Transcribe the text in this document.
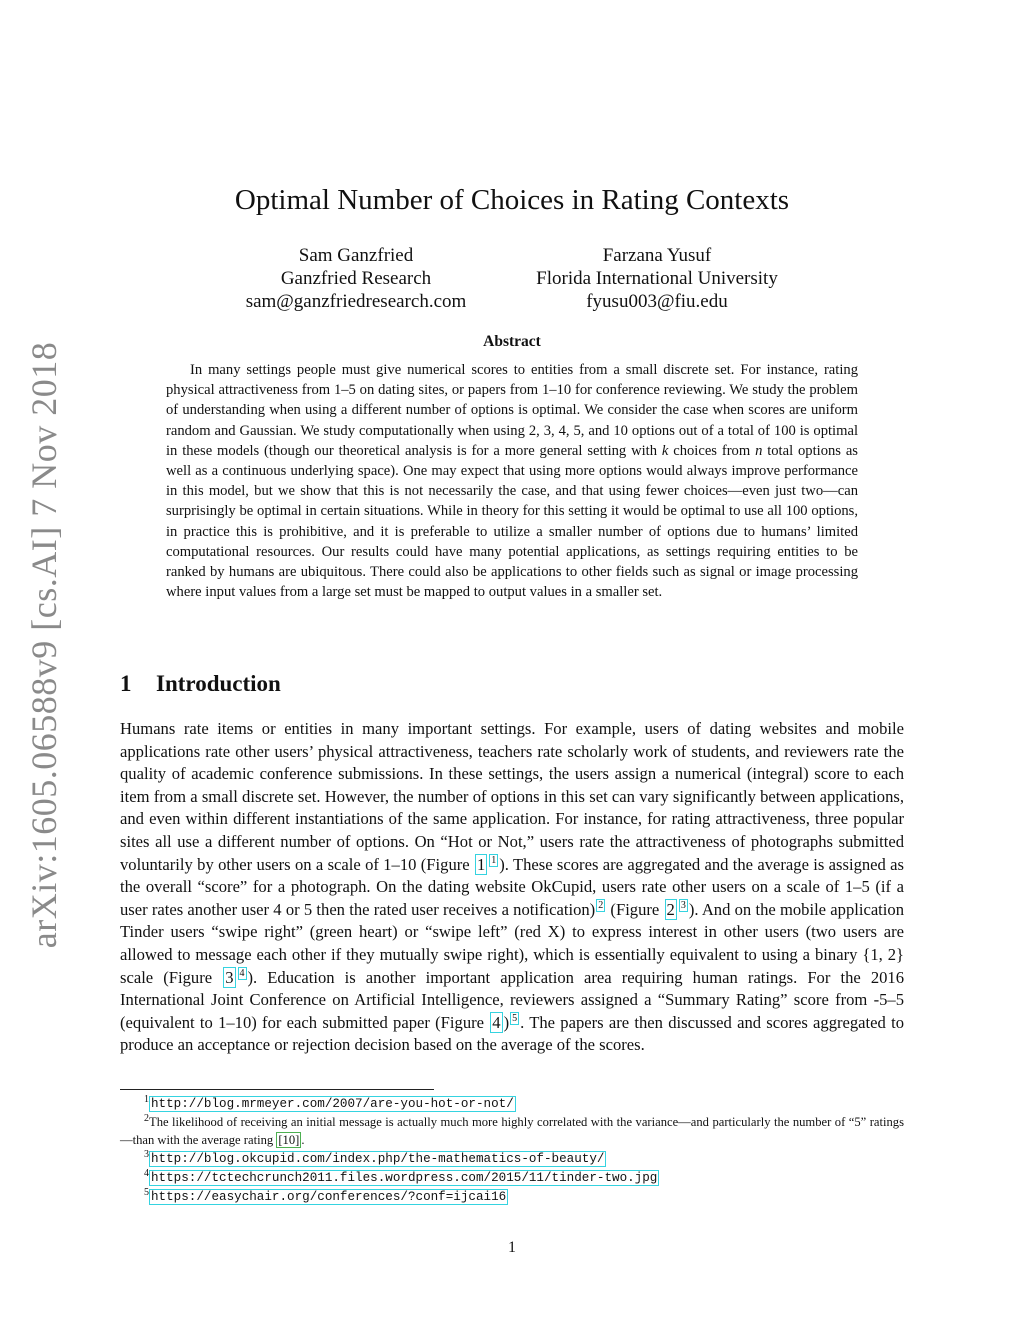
arXiv:1605.06588v9 [cs.AI] 7 Nov 2018
Optimal Number of Choices in Rating Contexts
Sam Ganzfried
Ganzfried Research
sam@ganzfriedresearch.com
Farzana Yusuf
Florida International University
fyusu003@fiu.edu
Abstract

In many settings people must give numerical scores to entities from a small discrete set. For instance, rating physical attractiveness from 1–5 on dating sites, or papers from 1–10 for conference reviewing. We study the problem of understanding when using a different number of options is optimal. We consider the case when scores are uniform random and Gaussian. We study computationally when using 2, 3, 4, 5, and 10 options out of a total of 100 is optimal in these models (though our theoretical analysis is for a more general setting with k choices from n total options as well as a continuous underlying space). One may expect that using more options would always improve performance in this model, but we show that this is not necessarily the case, and that using fewer choices—even just two—can surprisingly be optimal in certain situations. While in theory for this setting it would be optimal to use all 100 options, in practice this is prohibitive, and it is preferable to utilize a smaller number of options due to humans’ limited computational resources. Our results could have many potential applications, as settings requiring entities to be ranked by humans are ubiquitous. There could also be applications to other fields such as signal or image processing where input values from a large set must be mapped to output values in a smaller set.

1 Introduction

Humans rate items or entities in many important settings. For example, users of dating websites and mobile applications rate other users’ physical attractiveness, teachers rate scholarly work of students, and reviewers rate the quality of academic conference submissions. In these settings, the users assign a numerical (integral) score to each item from a small discrete set. However, the number of options in this set can vary significantly between applications, and even within different instantiations of the same application. For instance, for rating attractiveness, three popular sites all use a different number of options. On “Hot or Not,” users rate the attractiveness of photographs submitted voluntarily by other users on a scale of 1–10 (Figure 1 $^1$ ). These scores are aggregated and the average is assigned as the overall “score” for a photograph. On the dating website OkCupid, users rate other users on a scale of 1–5 (if a user rates another user 4 or 5 then the rated user receives a notification) $^2$ (Figure 2 $^3$ ). And on the mobile application Tinder users “swipe right” (green heart) or “swipe left” (red X) to express interest in other users (two users are allowed to message each other if they mutually swipe right), which is essentially equivalent to using a binary {1, 2} scale (Figure 3 $^4$ ). Education is another important application area requiring human ratings. For the 2016 International Joint Conference on Artificial Intelligence, reviewers assigned a “Summary Rating” score from -5–5 (equivalent to 1–10) for each submitted paper (Figure 4 ) $^5$ . The papers are then discussed and scores aggregated to produce an acceptance or rejection decision based on the average of the scores.

$^1$ http://blog.mrmeyer.com/2007/are-you-hot-or-not/
$^2$The likelihood of receiving an initial message is actually much more highly correlated with the variance—and particularly the number of “5” ratings—than with the average rating [10] .
$^3$ http://blog.okcupid.com/index.php/the-mathematics-of-beauty/
$^4$ https://tctechcrunch2011.files.wordpress.com/2015/11/tinder-two.jpg
$^5$ https://easychair.org/conferences/?conf=ijcai16
1
